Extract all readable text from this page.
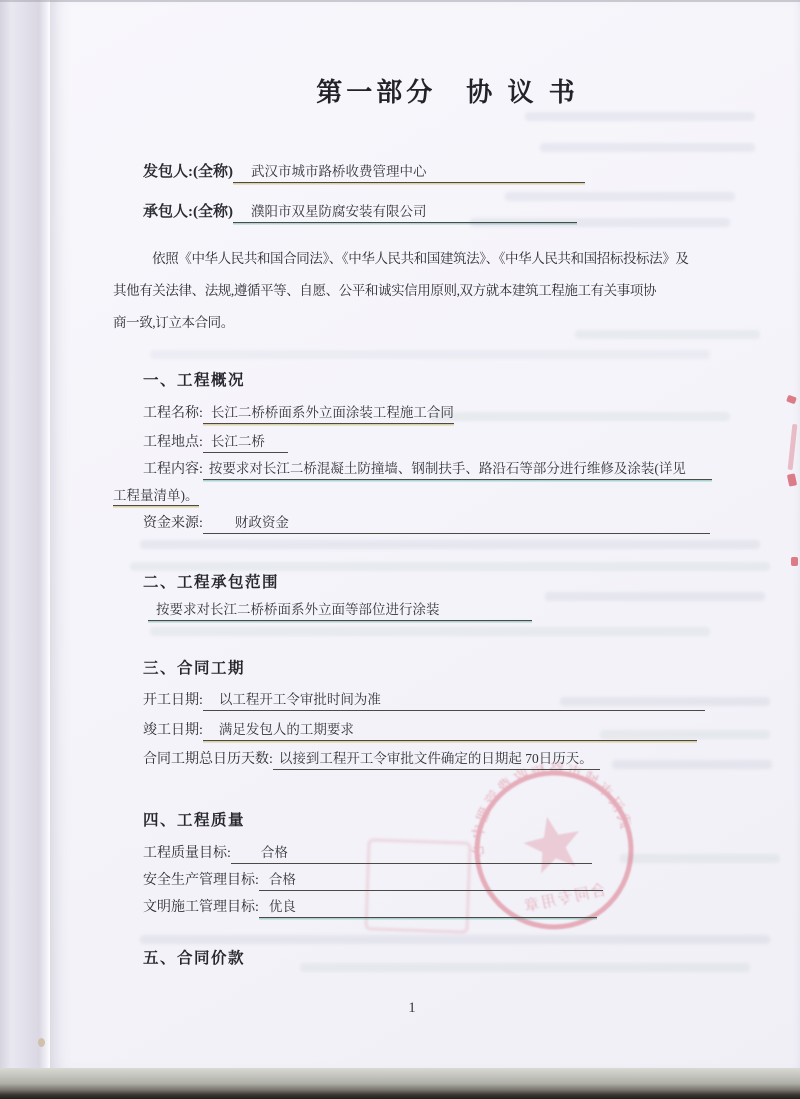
武汉市城市路桥收费管理中心
合同专用章
第一部分　协 议 书
发包人:(全称)	武汉市城市路桥收费管理中心
承包人:(全称)	濮阳市双星防腐安装有限公司
依照《中华人民共和国合同法》、《中华人民共和国建筑法》、《中华人民共和国招标投标法》及
其他有关法律、法规,遵循平等、自愿、公平和诚实信用原则,双方就本建筑工程施工有关事项协
商一致,订立本合同。
一、工程概况
工程名称: 长江二桥桥面系外立面涂装工程施工合同
工程地点: 长江二桥
工程内容: 按要求对长江二桥混凝土防撞墙、钢制扶手、路沿石等部分进行维修及涂装(详见
工程量清单)。
资金来源:	财政资金
二、工程承包范围
按要求对长江二桥桥面系外立面等部位进行涂装
三、合同工期
开工日期:	以工程开工令审批时间为准
竣工日期:	满足发包人的工期要求
合同工期总日历天数: 以接到工程开工令审批文件确定的日期起 70日历天。
四、工程质量
工程质量目标:	合格
安全生产管理目标: 合格
文明施工管理目标: 优良
五、合同价款
1
